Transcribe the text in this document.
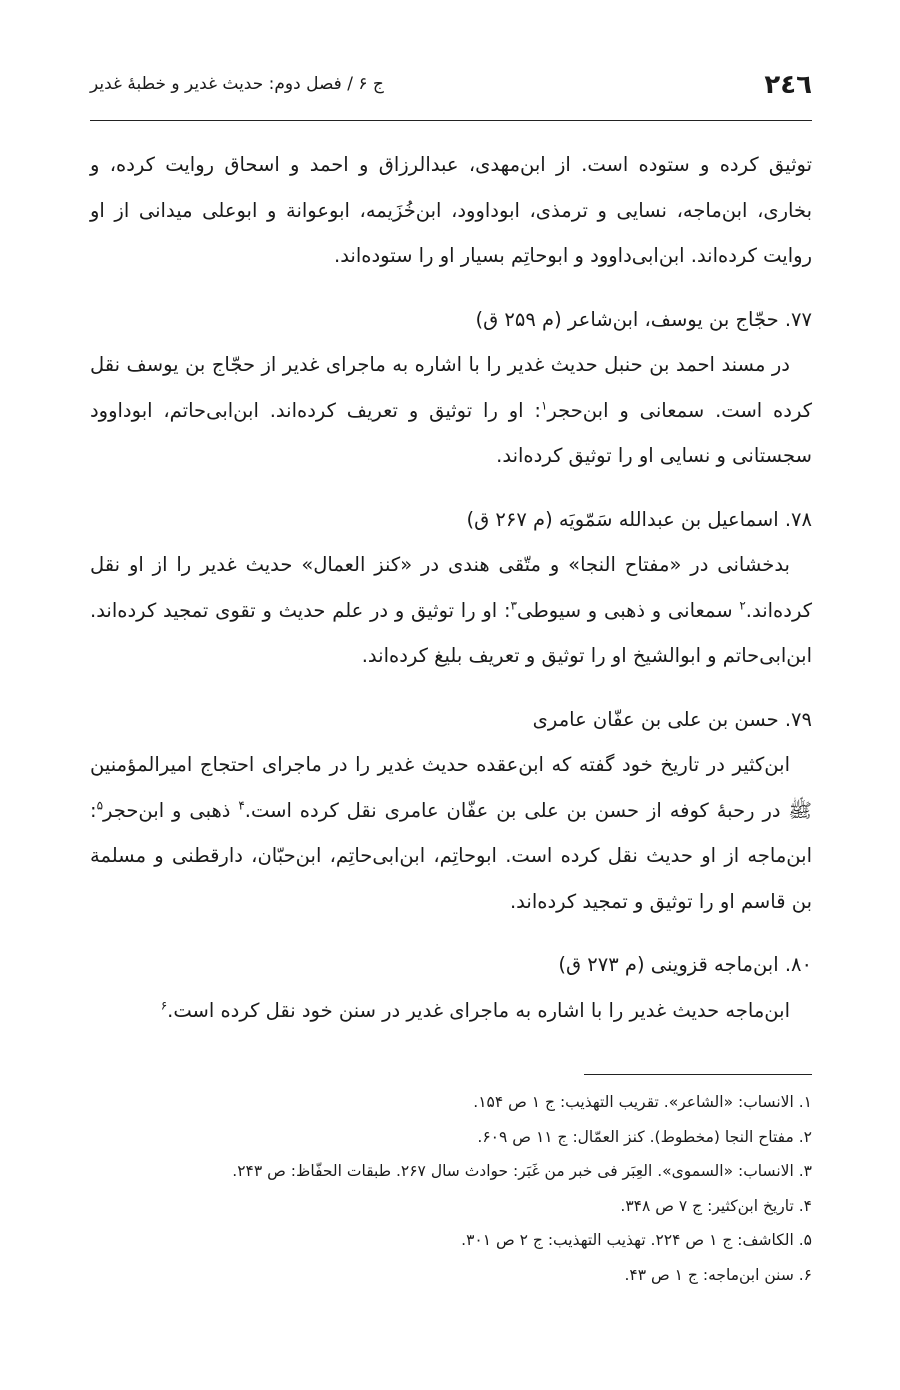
۲٤٦
ج ۶ / فصل دوم: حدیث غدیر و خطبهٔ غدیر

توثیق کرده و ستوده است. از ابن‌مهدی، عبدالرزاق و احمد و اسحاق روایت کرده، و بخاری، ابن‌ماجه، نسایی و ترمذی، ابوداوود، ابن‌خُزَیمه، ابوعوانة و ابوعلی میدانی از او روایت کرده‌اند. ابن‌ابی‌داوود و ابوحاتِم بسیار او را ستوده‌اند.

۷۷. حجّاج بن یوسف، ابن‌شاعر (م ۲۵۹ ق)

در مسند احمد بن حنبل حدیث غدیر را با اشاره به ماجرای غدیر از حجّاج بن یوسف نقل کرده است. سمعانی و ابن‌حجر$^۱$: او را توثیق و تعریف کرده‌اند. ابن‌ابی‌حاتم، ابوداوود سجستانی و نسایی او را توثیق کرده‌اند.

۷۸. اسماعیل بن عبدالله سَمّویَه (م ۲۶۷ ق)

بدخشانی در «مفتاح النجا» و متّقی هندی در «کنز العمال» حدیث غدیر را از او نقل کرده‌اند.$^۲$ سمعانی و ذهبی و سیوطی$^۳$: او را توثیق و در علم حدیث و تقوی تمجید کرده‌اند. ابن‌ابی‌حاتم و ابوالشیخ او را توثیق و تعریف بلیغ کرده‌اند.

۷۹. حسن بن علی بن عفّان عامری

ابن‌کثیر در تاریخ خود گفته که ابن‌عقده حدیث غدیر را در ماجرای احتجاج امیرالمؤمنین ﷺ در رحبهٔ کوفه از حسن بن علی بن عفّان عامری نقل کرده است.$^۴$ ذهبی و ابن‌حجر$^۵$: ابن‌ماجه از او حدیث نقل کرده است. ابوحاتِم، ابن‌ابی‌حاتِم، ابن‌حبّان، دارقطنی و مسلمة بن قاسم او را توثیق و تمجید کرده‌اند.

۸۰. ابن‌ماجه قزوینی (م ۲۷۳ ق)

ابن‌ماجه حدیث غدیر را با اشاره به ماجرای غدیر در سنن خود نقل کرده است.$^۶$

۱. الانساب: «الشاعر». تقریب التهذیب: ج ۱ ص ۱۵۴.

۲. مفتاح النجا (مخطوط). کنز العمّال: ج ۱۱ ص ۶۰۹.

۳. الانساب: «السموی». العِبَر فی خبر من غَبَر: حوادث سال ۲۶۷. طبقات الحفّاظ: ص ۲۴۳.

۴. تاریخ ابن‌کثیر: ج ۷ ص ۳۴۸.

۵. الکاشف: ج ۱ ص ۲۲۴. تهذیب التهذیب: ج ۲ ص ۳۰۱.

۶. سنن ابن‌ماجه: ج ۱ ص ۴۳.
